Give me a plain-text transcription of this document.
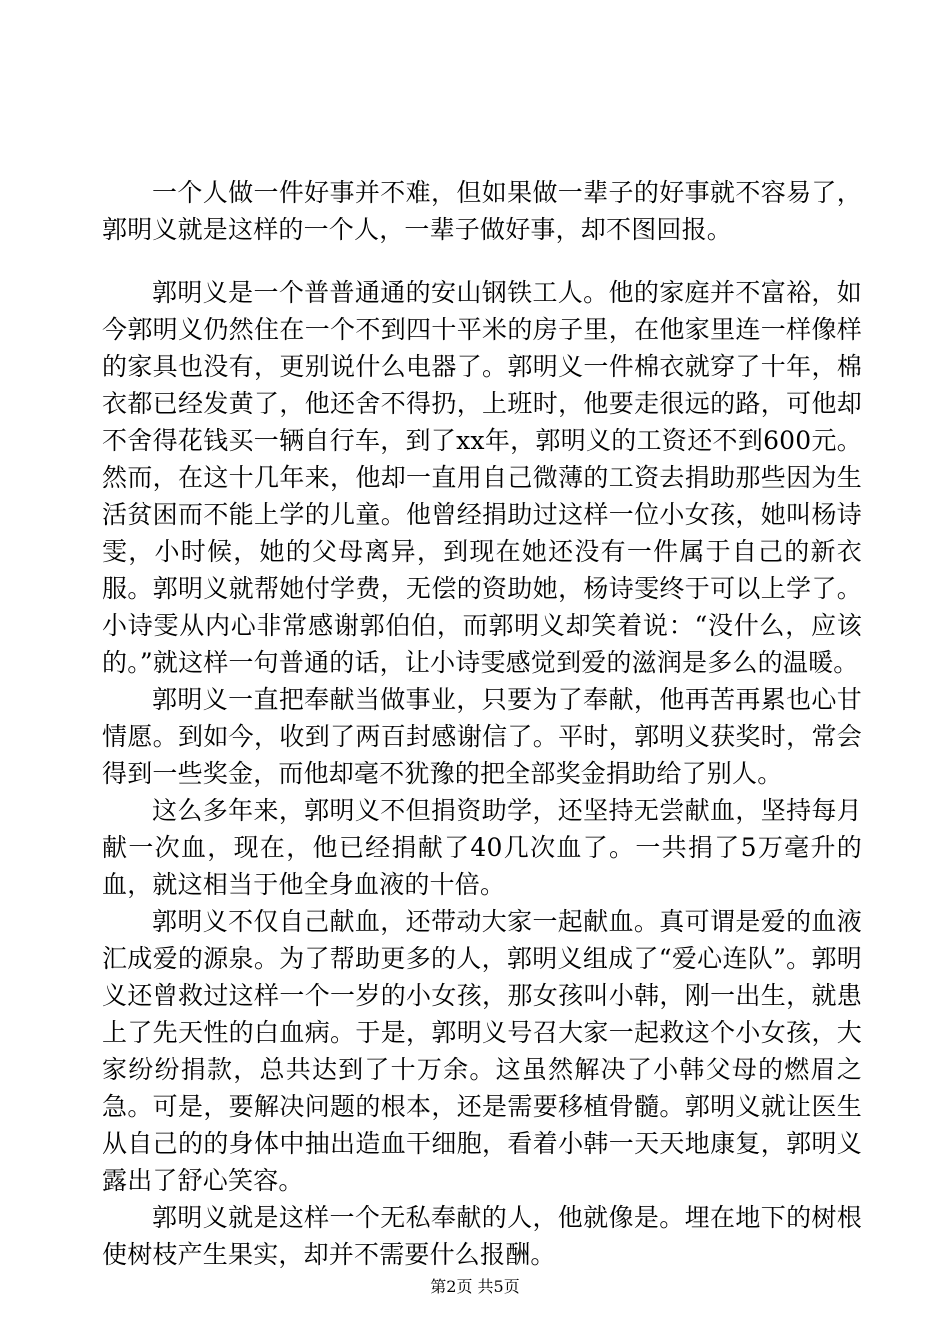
一个人做一件好事并不难，但如果做一辈子的好事就不容易了，郭明义就是这样的一个人，一辈子做好事，却不图回报。

郭明义是一个普普通通的安山钢铁工人。他的家庭并不富裕，如今郭明义仍然住在一个不到四十平米的房子里，在他家里连一样像样的家具也没有，更别说什么电器了。郭明义一件棉衣就穿了十年，棉衣都已经发黄了，他还舍不得扔，上班时，他要走很远的路，可他却不舍得花钱买一辆自行车，到了xx年，郭明义的工资还不到600元。然而，在这十几年来，他却一直用自己微薄的工资去捐助那些因为生活贫困而不能上学的儿童。他曾经捐助过这样一位小女孩，她叫杨诗雯，小时候，她的父母离异，到现在她还没有一件属于自己的新衣服。郭明义就帮她付学费，无偿的资助她，杨诗雯终于可以上学了。小诗雯从内心非常感谢郭伯伯，而郭明义却笑着说：“没什么，应该的。”就这样一句普通的话，让小诗雯感觉到爱的滋润是多么的温暖。

郭明义一直把奉献当做事业，只要为了奉献，他再苦再累也心甘情愿。到如今，收到了两百封感谢信了。平时，郭明义获奖时，常会得到一些奖金，而他却毫不犹豫的把全部奖金捐助给了别人。

这么多年来，郭明义不但捐资助学，还坚持无尝献血，坚持每月献一次血，现在，他已经捐献了40几次血了。一共捐了5万毫升的血，就这相当于他全身血液的十倍。

郭明义不仅自己献血，还带动大家一起献血。真可谓是爱的血液汇成爱的源泉。为了帮助更多的人，郭明义组成了“爱心连队”。郭明义还曾救过这样一个一岁的小女孩，那女孩叫小韩，刚一出生，就患上了先天性的白血病。于是，郭明义号召大家一起救这个小女孩，大家纷纷捐款，总共达到了十万余。这虽然解决了小韩父母的燃眉之急。可是，要解决问题的根本，还是需要移植骨髓。郭明义就让医生从自己的的身体中抽出造血干细胞，看着小韩一天天地康复，郭明义露出了舒心笑容。

郭明义就是这样一个无私奉献的人，他就像是。埋在地下的树根使树枝产生果实，却并不需要什么报酬。

第2页 共5页
